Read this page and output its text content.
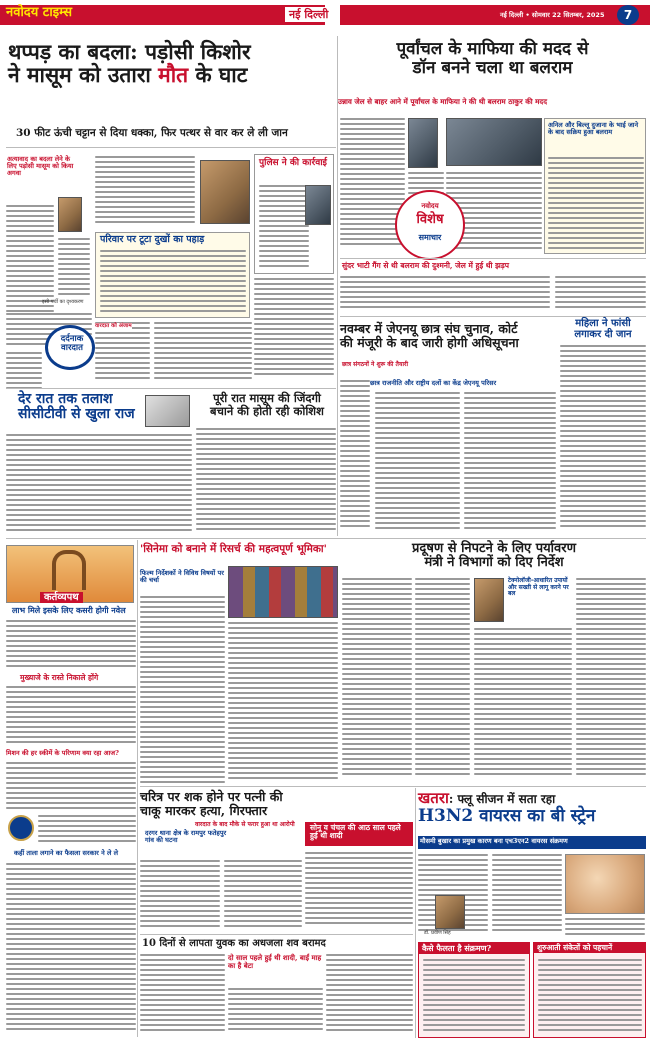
नवोदय टाइम्स	नई दिल्ली	नई दिल्ली • सोमवार 22 सितम्बर, 2025	7
थप्पड़ का बदला: पड़ोसी किशोर
ने मासूम को उतारा मौत के घाट
30 फीट ऊंची चट्टान से दिया धक्का, फिर पत्थर से वार कर ले ली जान
अत्यावाद का बदला लेने के लिए पड़ोसी मासूम को किया अगवा
इसी पर्ची का दृश्यकरण
दर्दनाक वारदात
परिवार पर टूटा दुखों का पहाड़
वारदात को अंजाम
पुलिस ने की कार्रवाई
पूर्वांचल के माफिया की मदद से
डॉन बनने चला था बलराम
उन्नाव जेल से बाहर आने में पूर्वांचल के माफिया ने की थी बलराम ठाकुर की मदद
अनिल और बिल्लू दुजाना के भाई जाने के बाद सक्रिय हुआ बलराम
नवोदय
विशेष
समाचार
सुंदर भाटी गैंग से थी बलराम की दुश्मनी, जेल में हुई थी झड़प
देर रात तक तलाश सीसीटीवी से खुला राज
पूरी रात मासूम की जिंदगी
बचाने की होती रही कोशिश
नवम्बर में जेएनयू छात्र संघ चुनाव, कोर्ट
की मंजूरी के बाद जारी होगी अधिसूचना
छात्र संगठनों ने शुरू की तैयारी
छात्र राजनीति और राष्ट्रीय दलों का केंद्र जेएनयू परिसर
महिला ने फांसी
लगाकर दी जान
'सिनेमा को बनाने में रिसर्च की महत्वपूर्ण भूमिका'
फिल्म निर्देशकों ने विविध विषयों पर की चर्चा
कर्तव्यपथ
लाभ मिले इसके लिए कसरी होगी नवेल
मुख्याजे के रास्ते निकाले होंगे
मिशन की हर स्कीमें के परिणाम क्या रहा आज?
कहीं ताला लगाने का फैसला सरकार ने ले ले
प्रदूषण से निपटने के लिए पर्यावरण
मंत्री ने विभागों को दिए निर्देश
टेक्नोलॉजी-आधारित उपायों और सख्ती से लागू करने पर बल
चरित्र पर शक होने पर पत्नी की
चाकू मारकर हत्या, गिरफ्तार
वारदात के बाद मौके से फरार हुआ था आरोपी
दरगर थाना क्षेत्र के रामपुर फतेहपुर गांव की घटना
सोनू व चंचल की आठ साल पहले हुई थी शादी
10 दिनों से लापता युवक का अधजला शव बरामद
दो साल पहले हुई थी शादी, बाईं माह का है बेटा
खतरा: फ्लू सीजन में सता रहा
H3N2 वायरस का बी स्ट्रेन
मौसमी बुखार का प्रमुख कारण बना एच3एन2 वायरस संक्रमण
डॉ. प्रवीण सिंह
कैसे फैलता है संक्रमण?	शुरुआती संकेतों को पहचानें
